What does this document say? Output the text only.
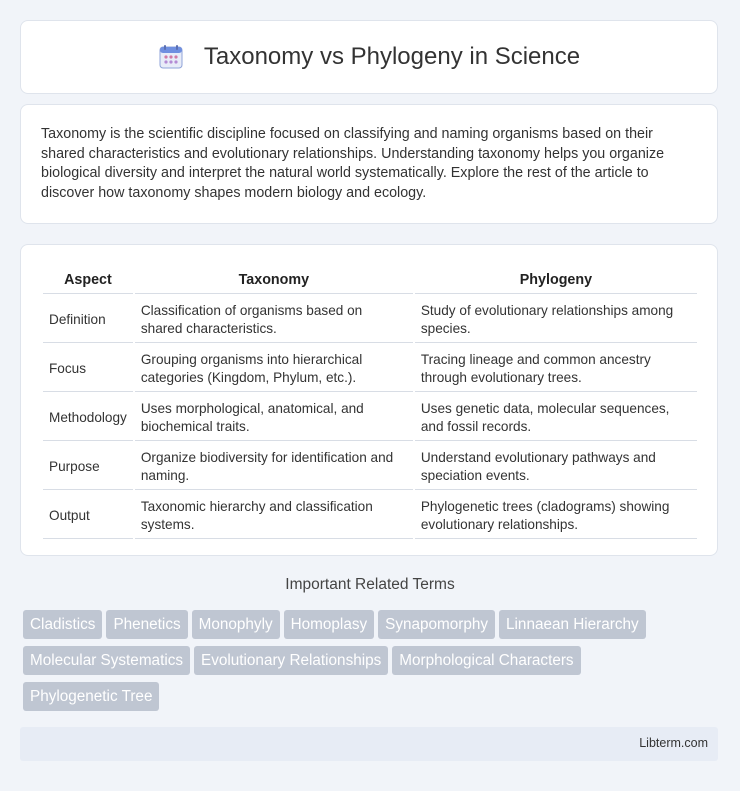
Taxonomy vs Phylogeny in Science

Taxonomy is the scientific discipline focused on classifying and naming organisms based on their shared characteristics and evolutionary relationships. Understanding taxonomy helps you organize biological diversity and interpret the natural world systematically. Explore the rest of the article to discover how taxonomy shapes modern biology and ecology.

Aspect	Taxonomy	Phylogeny
Definition	Classification of organisms based on shared characteristics.	Study of evolutionary relationships among species.
Focus	Grouping organisms into hierarchical categories (Kingdom, Phylum, etc.).	Tracing lineage and common ancestry through evolutionary trees.
Methodology	Uses morphological, anatomical, and biochemical traits.	Uses genetic data, molecular sequences, and fossil records.
Purpose	Organize biodiversity for identification and naming.	Understand evolutionary pathways and speciation events.
Output	Taxonomic hierarchy and classification systems.	Phylogenetic trees (cladograms) showing evolutionary relationships.
Important Related Terms
Cladistics Phenetics Monophyly Homoplasy Synapomorphy Linnaean Hierarchy
Molecular Systematics Evolutionary Relationships Morphological Characters
Phylogenetic Tree
Libterm.com
